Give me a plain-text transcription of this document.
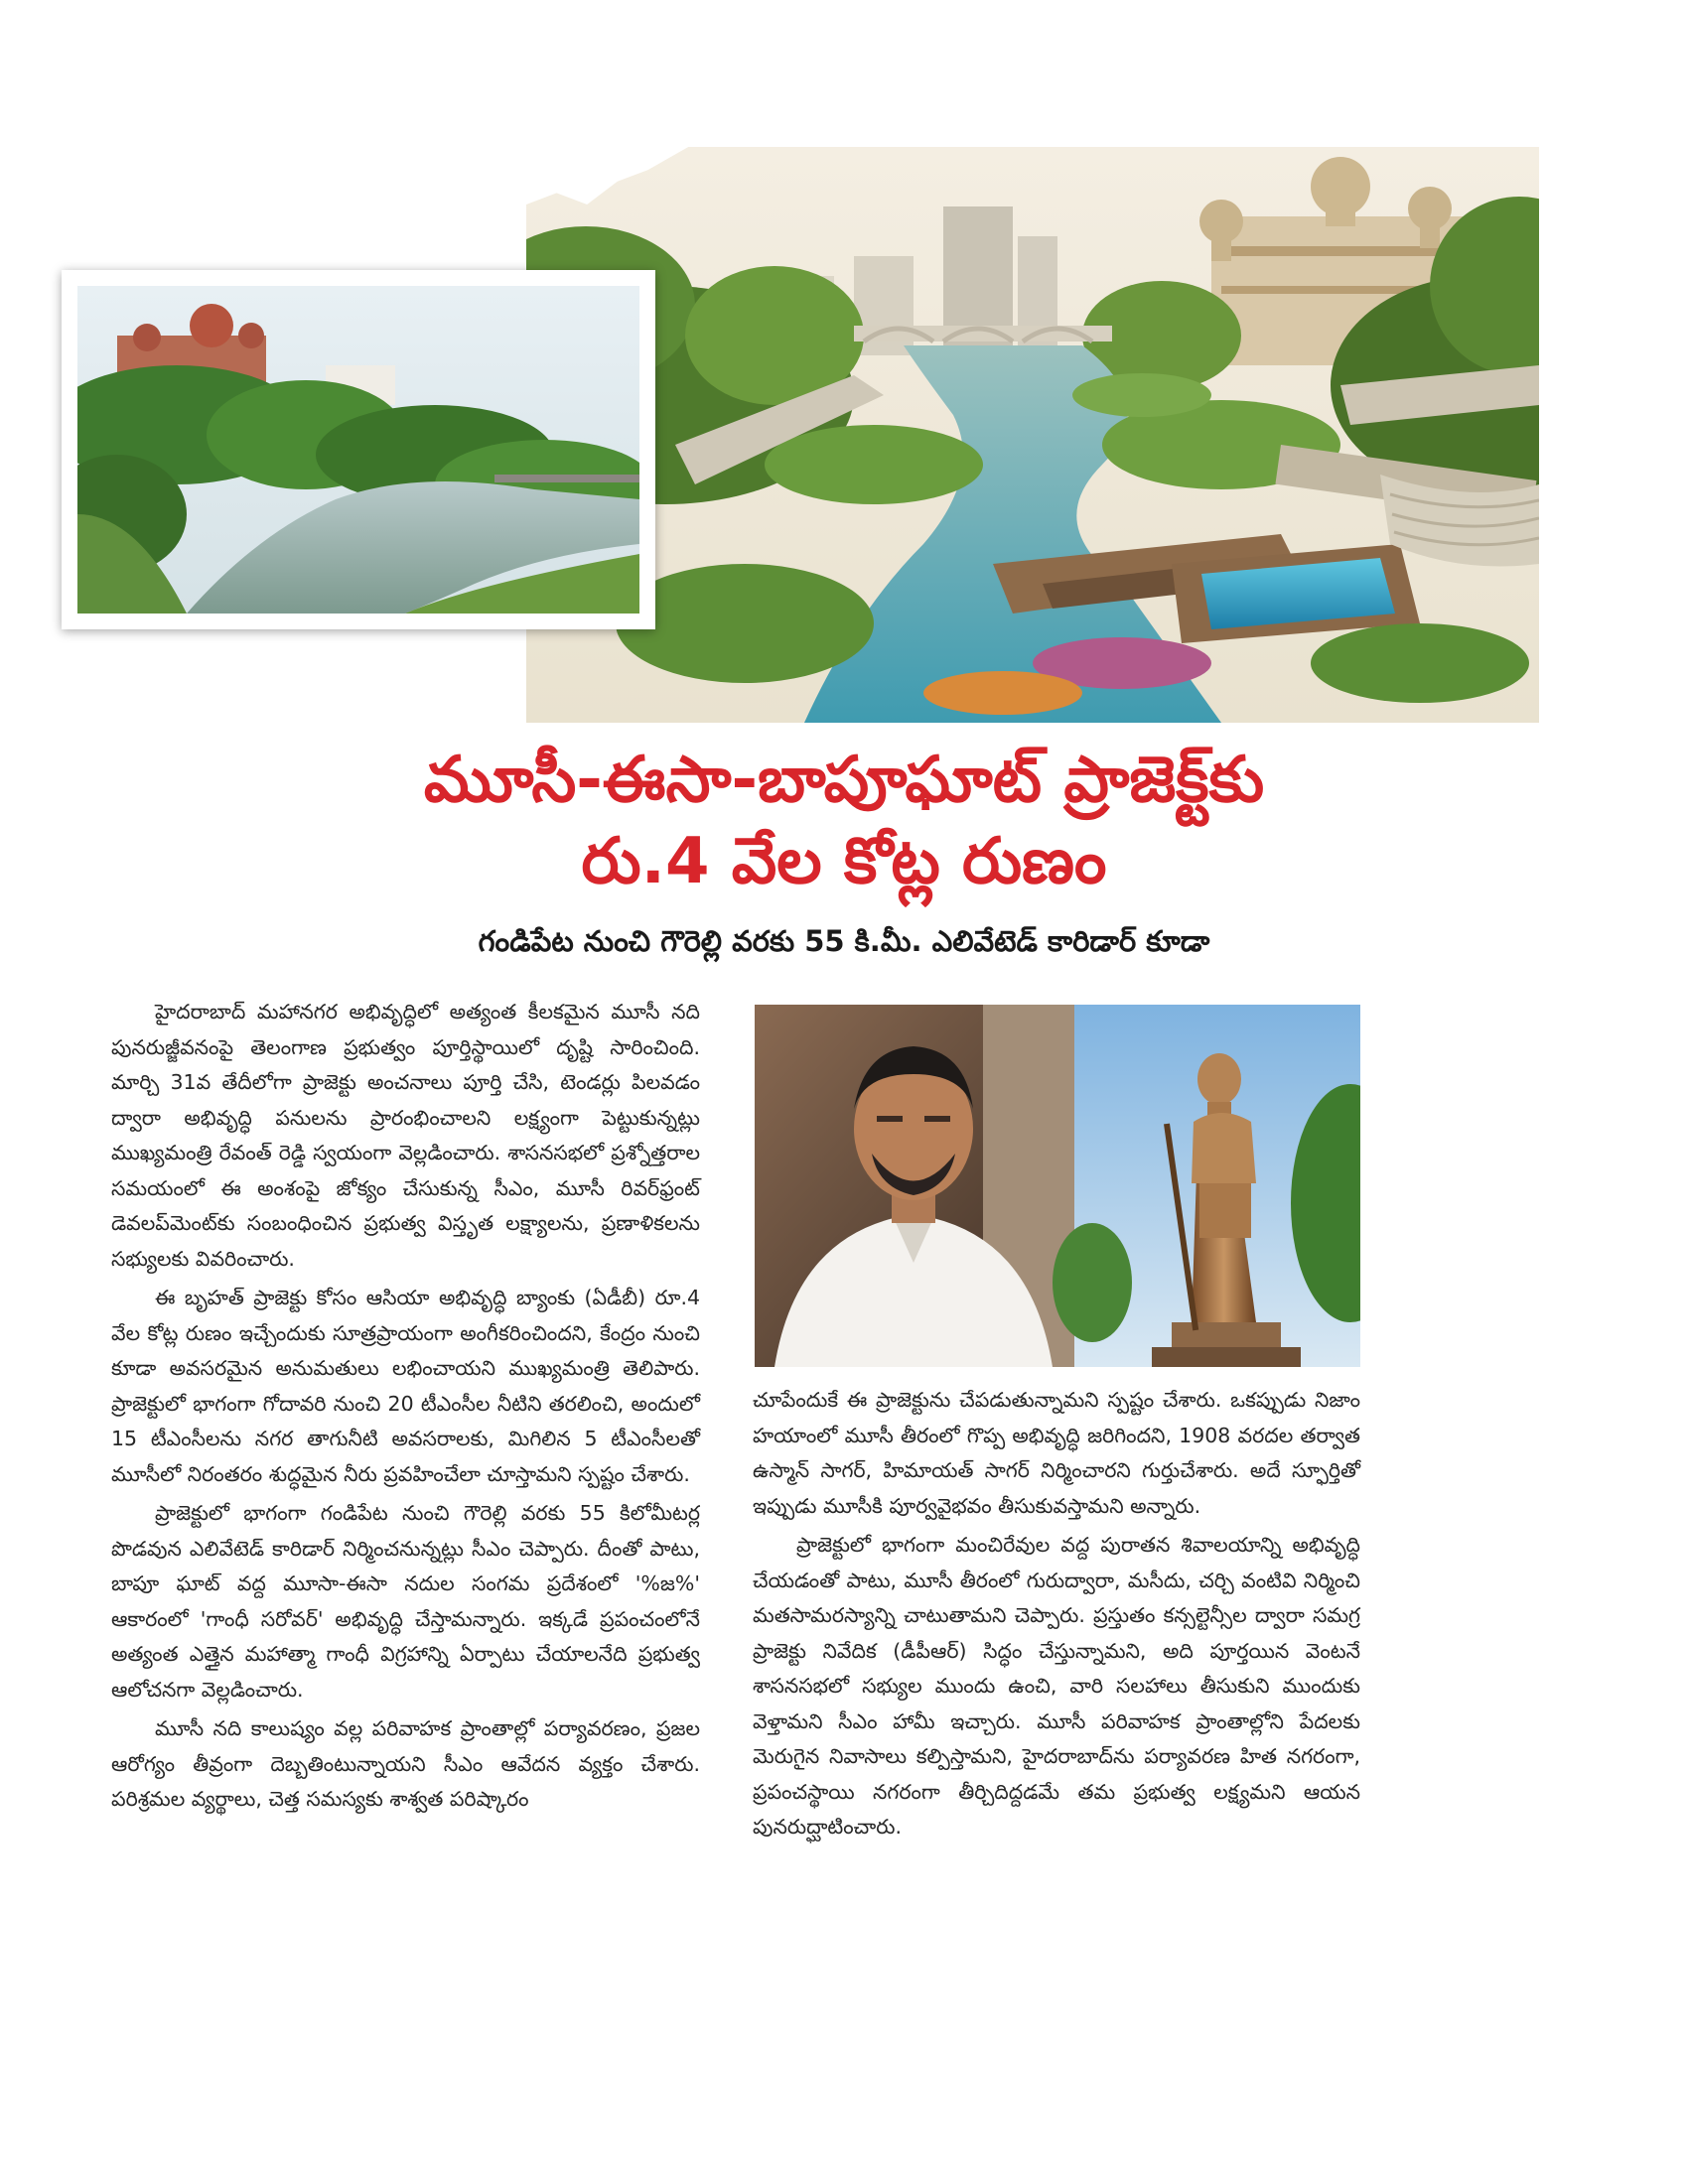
మూసీ-ఈసా-బాపూఘాట్ ప్రాజెక్ట్‌కు
రు.4 వేల కోట్ల రుణం
గండిపేట నుంచి గౌరెల్లి వరకు 55 కి.మీ. ఎలివేటెడ్ కారిడార్ కూడా

హైదరాబాద్ మహానగర అభివృద్ధిలో అత్యంత కీలకమైన మూసీ నది పునరుజ్జీవనంపై తెలంగాణ ప్రభుత్వం పూర్తిస్థాయిలో దృష్టి సారించింది. మార్చి 31వ తేదీలోగా ప్రాజెక్టు అంచనాలు పూర్తి చేసి, టెండర్లు పిలవడం ద్వారా అభివృద్ధి పనులను ప్రారంభించాలని లక్ష్యంగా పెట్టుకున్నట్లు ముఖ్యమంత్రి రేవంత్ రెడ్డి స్వయంగా వెల్లడించారు. శాసనసభలో ప్రశ్నోత్తరాల సమయంలో ఈ అంశంపై జోక్యం చేసుకున్న సీఎం, మూసీ రివర్‌ఫ్రంట్ డెవలప్‌మెంట్‌కు సంబంధించిన ప్రభుత్వ విస్తృత లక్ష్యాలను, ప్రణాళికలను సభ్యులకు వివరించారు.

ఈ బృహత్ ప్రాజెక్టు కోసం ఆసియా అభివృద్ధి బ్యాంకు (ఏడీబీ) రూ.4 వేల కోట్ల రుణం ఇచ్చేందుకు సూత్రప్రాయంగా అంగీకరించిందని, కేంద్రం నుంచి కూడా అవసరమైన అనుమతులు లభించాయని ముఖ్యమంత్రి తెలిపారు. ప్రాజెక్టులో భాగంగా గోదావరి నుంచి 20 టీఎంసీల నీటిని తరలించి, అందులో 15 టీఎంసీలను నగర తాగునీటి అవసరాలకు, మిగిలిన 5 టీఎంసీలతో మూసీలో నిరంతరం శుద్ధమైన నీరు ప్రవహించేలా చూస్తామని స్పష్టం చేశారు.

ప్రాజెక్టులో భాగంగా గండిపేట నుంచి గౌరెల్లి వరకు 55 కిలోమీటర్ల పొడవున ఎలివేటెడ్ కారిడార్ నిర్మించనున్నట్లు సీఎం చెప్పారు. దీంతో పాటు, బాపూ ఘాట్ వద్ద మూసా-ఈసా నదుల సంగమ ప్రదేశంలో '%జ%' ఆకారంలో 'గాంధీ సరోవర్' అభివృద్ధి చేస్తామన్నారు. ఇక్కడే ప్రపంచంలోనే అత్యంత ఎత్తైన మహాత్మా గాంధీ విగ్రహాన్ని ఏర్పాటు చేయాలనేది ప్రభుత్వ ఆలోచనగా వెల్లడించారు.

మూసీ నది కాలుష్యం వల్ల పరివాహక ప్రాంతాల్లో పర్యావరణం, ప్రజల ఆరోగ్యం తీవ్రంగా దెబ్బతింటున్నాయని సీఎం ఆవేదన వ్యక్తం చేశారు. పరిశ్రమల వ్యర్థాలు, చెత్త సమస్యకు శాశ్వత పరిష్కారం

చూపేందుకే ఈ ప్రాజెక్టును చేపడుతున్నామని స్పష్టం చేశారు. ఒకప్పుడు నిజాం హయాంలో మూసీ తీరంలో గొప్ప అభివృద్ధి జరిగిందని, 1908 వరదల తర్వాత ఉస్మాన్ సాగర్, హిమాయత్ సాగర్ నిర్మించారని గుర్తుచేశారు. అదే స్ఫూర్తితో ఇప్పుడు మూసీకి పూర్వవైభవం తీసుకువస్తామని అన్నారు.

ప్రాజెక్టులో భాగంగా మంచిరేవుల వద్ద పురాతన శివాలయాన్ని అభివృద్ధి చేయడంతో పాటు, మూసీ తీరంలో గురుద్వారా, మసీదు, చర్చి వంటివి నిర్మించి మతసామరస్యాన్ని చాటుతామని చెప్పారు. ప్రస్తుతం కన్సల్టెన్సీల ద్వారా సమగ్ర ప్రాజెక్టు నివేదిక (డీపీఆర్) సిద్ధం చేస్తున్నామని, అది పూర్తయిన వెంటనే శాసనసభలో సభ్యుల ముందు ఉంచి, వారి సలహాలు తీసుకుని ముందుకు వెళ్తామని సీఎం హామీ ఇచ్చారు. మూసీ పరివాహక ప్రాంతాల్లోని పేదలకు మెరుగైన నివాసాలు కల్పిస్తామని, హైదరాబాద్‌ను పర్యావరణ హిత నగరంగా, ప్రపంచస్థాయి నగరంగా తీర్చిదిద్దడమే తమ ప్రభుత్వ లక్ష్యమని ఆయన పునరుద్ఘాటించారు.
